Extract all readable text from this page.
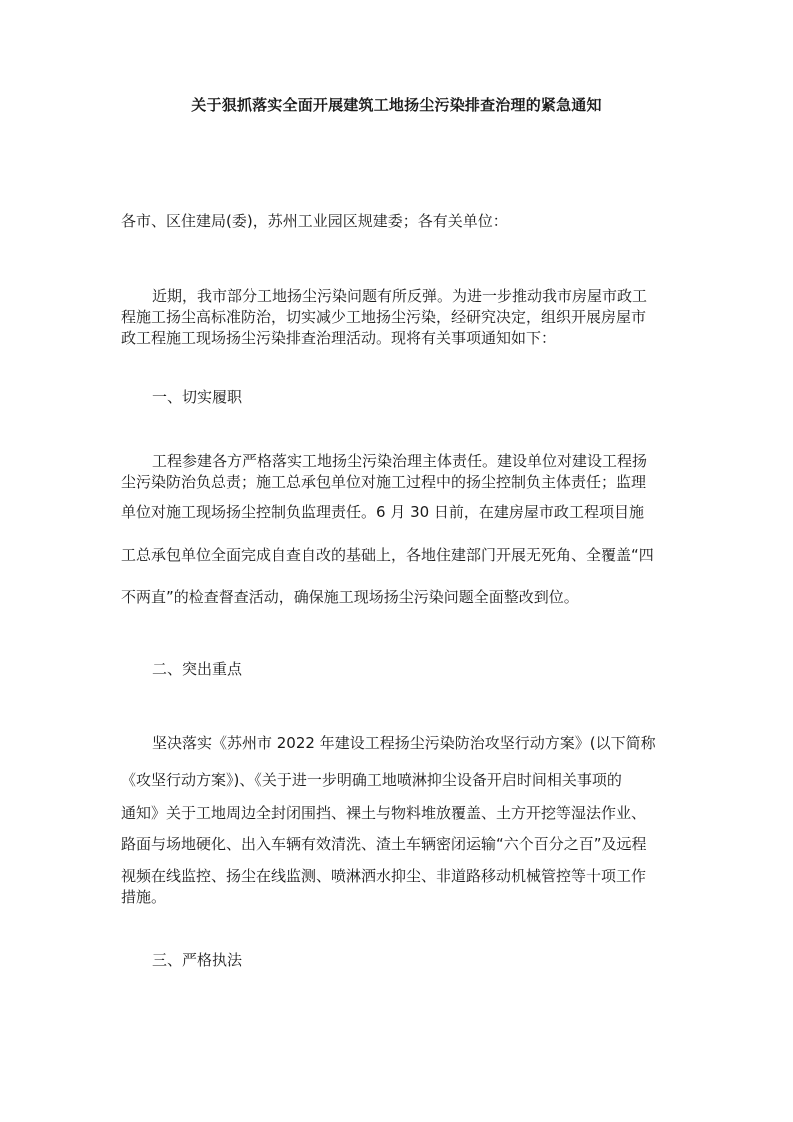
关于狠抓落实全面开展建筑工地扬尘污染排查治理的紧急通知
各市、区住建局(委)，苏州工业园区规建委；各有关单位：
近期，我市部分工地扬尘污染问题有所反弹。为进一步推动我市房屋市政工
程施工扬尘高标准防治，切实减少工地扬尘污染，经研究决定，组织开展房屋市
政工程施工现场扬尘污染排查治理活动。现将有关事项通知如下：
一、切实履职
工程参建各方严格落实工地扬尘污染治理主体责任。建设单位对建设工程扬
尘污染防治负总责；施工总承包单位对施工过程中的扬尘控制负主体责任；监理
单位对施工现场扬尘控制负监理责任。6 月 30 日前，在建房屋市政工程项目施
工总承包单位全面完成自查自改的基础上，各地住建部门开展无死角、全覆盖“四
不两直”的检查督查活动，确保施工现场扬尘污染问题全面整改到位。
二、突出重点
坚决落实《苏州市 2022 年建设工程扬尘污染防治攻坚行动方案》(以下简称
《攻坚行动方案》)、《关于进一步明确工地喷淋抑尘设备开启时间相关事项的
通知》关于工地周边全封闭围挡、裸土与物料堆放覆盖、土方开挖等湿法作业、
路面与场地硬化、出入车辆有效清洗、渣土车辆密闭运输“六个百分之百”及远程
视频在线监控、扬尘在线监测、喷淋洒水抑尘、非道路移动机械管控等十项工作
措施。
三、严格执法
